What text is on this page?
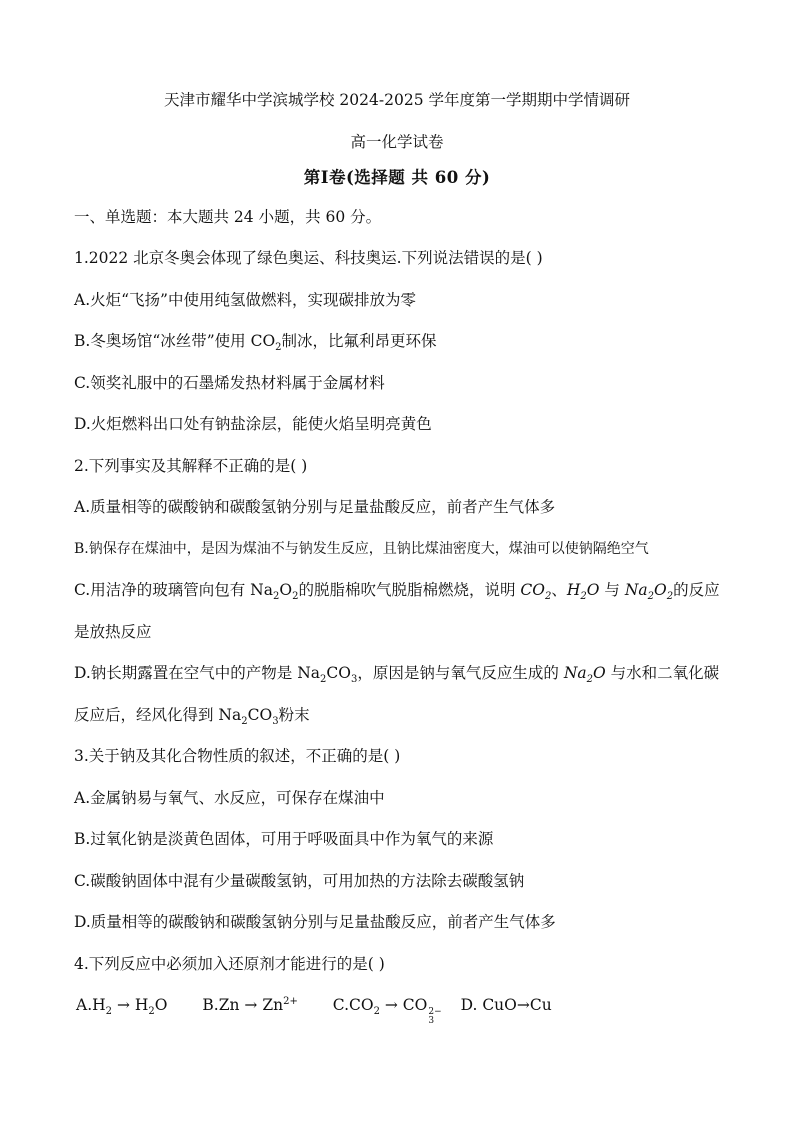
天津市耀华中学滨城学校 2024-2025 学年度第一学期期中学情调研
高一化学试卷
第Ⅰ卷(选择题 共 60 分)
一、单选题：本大题共 24 小题，共 60 分。
1.2022 北京冬奥会体现了绿色奥运、科技奥运.下列说法错误的是( )
A.火炬“飞扬”中使用纯氢做燃料，实现碳排放为零
B.冬奥场馆“冰丝带”使用 $CO_2$制冰，比氟利昂更环保
C.领奖礼服中的石墨烯发热材料属于金属材料
D.火炬燃料出口处有钠盐涂层，能使火焰呈明亮黄色
2.下列事实及其解释不正确的是( )
A.质量相等的碳酸钠和碳酸氢钠分别与足量盐酸反应，前者产生气体多
B.钠保存在煤油中，是因为煤油不与钠发生反应，且钠比煤油密度大，煤油可以使钠隔绝空气
C.用洁净的玻璃管向包有 $Na_2O_2$的脱脂棉吹气脱脂棉燃烧，说明 $CO_2$、$H_2O$ 与 $Na_2O_2$的反应
是放热反应
D.钠长期露置在空气中的产物是 $Na_2CO_3$，原因是钠与氧气反应生成的 $Na_2O$ 与水和二氧化碳
反应后，经风化得到 $Na_2CO_3$粉末
3.关于钠及其化合物性质的叙述，不正确的是( )
A.金属钠易与氧气、水反应，可保存在煤油中
B.过氧化钠是淡黄色固体，可用于呼吸面具中作为氧气的来源
C.碳酸钠固体中混有少量碳酸氢钠，可用加热的方法除去碳酸氢钠
D.质量相等的碳酸钠和碳酸氢钠分别与足量盐酸反应，前者产生气体多
4.下列反应中必须加入还原剂才能进行的是( )
$A.H_2 \to H_2O$ $B.Zn \to Zn^{2+}$ $C.CO_2$ → CO 2−
3
D. CuO→Cu
